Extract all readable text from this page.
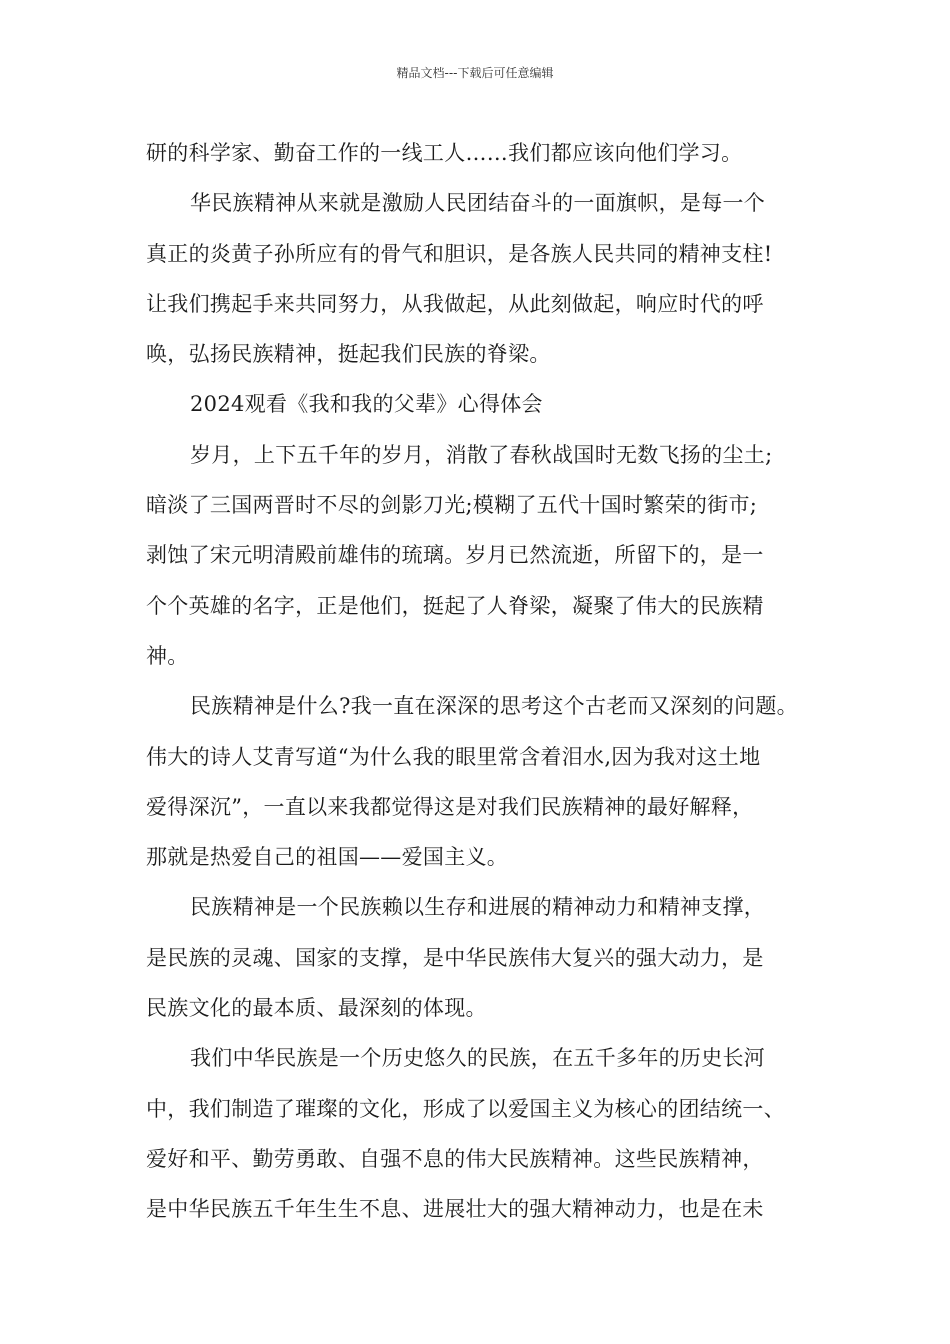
精品文档---下载后可任意编辑
研的科学家、勤奋工作的一线工人……我们都应该向他们学习。
华民族精神从来就是激励人民团结奋斗的一面旗帜，是每一个
真正的炎黄子孙所应有的骨气和胆识，是各族人民共同的精神支柱!
让我们携起手来共同努力，从我做起，从此刻做起，响应时代的呼
唤，弘扬民族精神，挺起我们民族的脊梁。
2024观看《我和我的父辈》心得体会
岁月，上下五千年的岁月，消散了春秋战国时无数飞扬的尘土;
暗淡了三国两晋时不尽的剑影刀光;模糊了五代十国时繁荣的街市;
剥蚀了宋元明清殿前雄伟的琉璃。岁月已然流逝，所留下的，是一
个个英雄的名字，正是他们，挺起了人脊梁，凝聚了伟大的民族精
神。
民族精神是什么?我一直在深深的思考这个古老而又深刻的问题。
伟大的诗人艾青写道“为什么我的眼里常含着泪水,因为我对这土地
爱得深沉”，一直以来我都觉得这是对我们民族精神的最好解释，
那就是热爱自己的祖国——爱国主义。
民族精神是一个民族赖以生存和进展的精神动力和精神支撑，
是民族的灵魂、国家的支撑，是中华民族伟大复兴的强大动力，是
民族文化的最本质、最深刻的体现。
我们中华民族是一个历史悠久的民族，在五千多年的历史长河
中，我们制造了璀璨的文化，形成了以爱国主义为核心的团结统一、
爱好和平、勤劳勇敢、自强不息的伟大民族精神。这些民族精神，
是中华民族五千年生生不息、进展壮大的强大精神动力，也是在未
